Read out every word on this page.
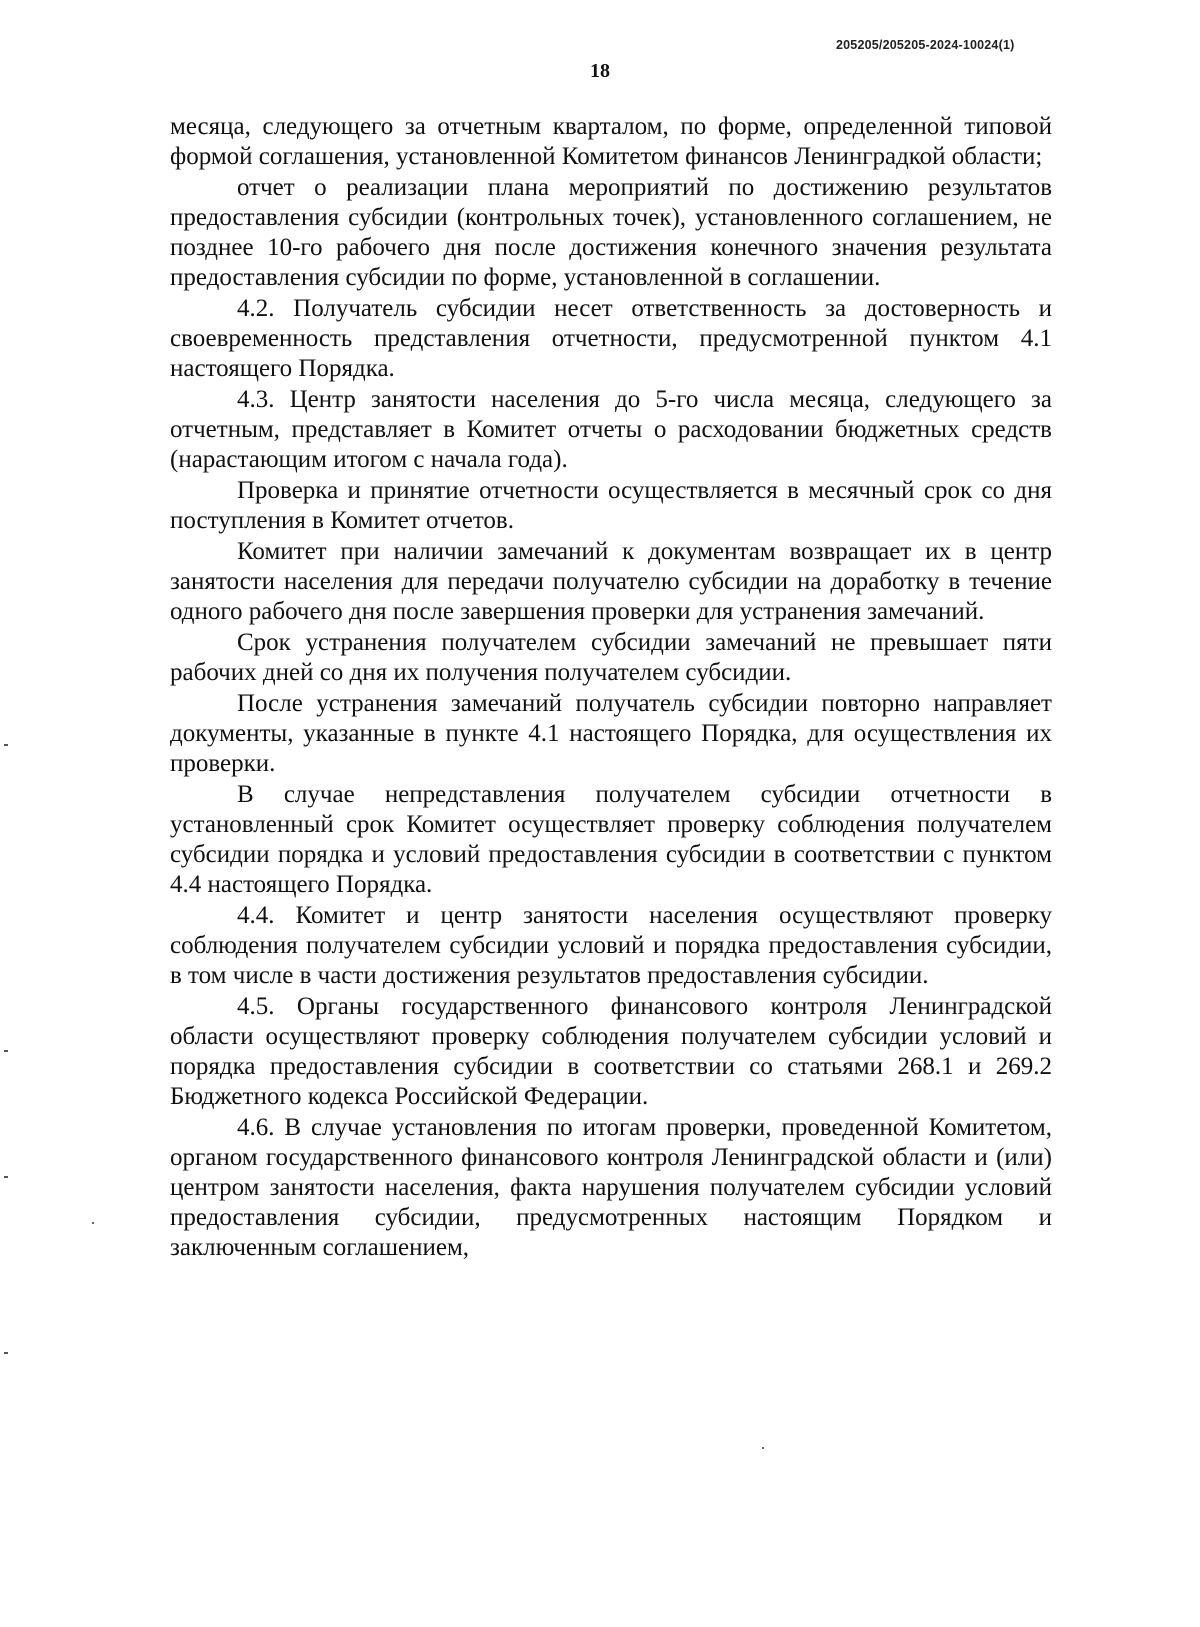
205205/205205-2024-10024(1)
18

месяца, следующего за отчетным кварталом, по форме, определенной типовой формой соглашения, установленной Комитетом финансов Ленинградкой области;

отчет о реализации плана мероприятий по достижению результатов предоставления субсидии (контрольных точек), установленного соглашением, не позднее 10-го рабочего дня после достижения конечного значения результата предоставления субсидии по форме, установленной в соглашении.

4.2. Получатель субсидии несет ответственность за достоверность и своевременность представления отчетности, предусмотренной пунктом 4.1 настоящего Порядка.

4.3. Центр занятости населения до 5-го числа месяца, следующего за отчетным, представляет в Комитет отчеты о расходовании бюджетных средств (нарастающим итогом с начала года).

Проверка и принятие отчетности осуществляется в месячный срок со дня поступления в Комитет отчетов.

Комитет при наличии замечаний к документам возвращает их в центр занятости населения для передачи получателю субсидии на доработку в течение одного рабочего дня после завершения проверки для устранения замечаний.

Срок устранения получателем субсидии замечаний не превышает пяти рабочих дней со дня их получения получателем субсидии.

После устранения замечаний получатель субсидии повторно направляет документы, указанные в пункте 4.1 настоящего Порядка, для осуществления их проверки.

В случае непредставления получателем субсидии отчетности в установленный срок Комитет осуществляет проверку соблюдения получателем субсидии порядка и условий предоставления субсидии в соответствии с пунктом 4.4 настоящего Порядка.

4.4. Комитет и центр занятости населения осуществляют проверку соблюдения получателем субсидии условий и порядка предоставления субсидии, в том числе в части достижения результатов предоставления субсидии.

4.5. Органы государственного финансового контроля Ленинградской области осуществляют проверку соблюдения получателем субсидии условий и порядка предоставления субсидии в соответствии со статьями 268.1 и 269.2 Бюджетного кодекса Российской Федерации.

4.6. В случае установления по итогам проверки, проведенной Комитетом, органом государственного финансового контроля Ленинградской области и (или) центром занятости населения, факта нарушения получателем субсидии условий предоставления субсидии, предусмотренных настоящим Порядком и заключенным соглашением,
